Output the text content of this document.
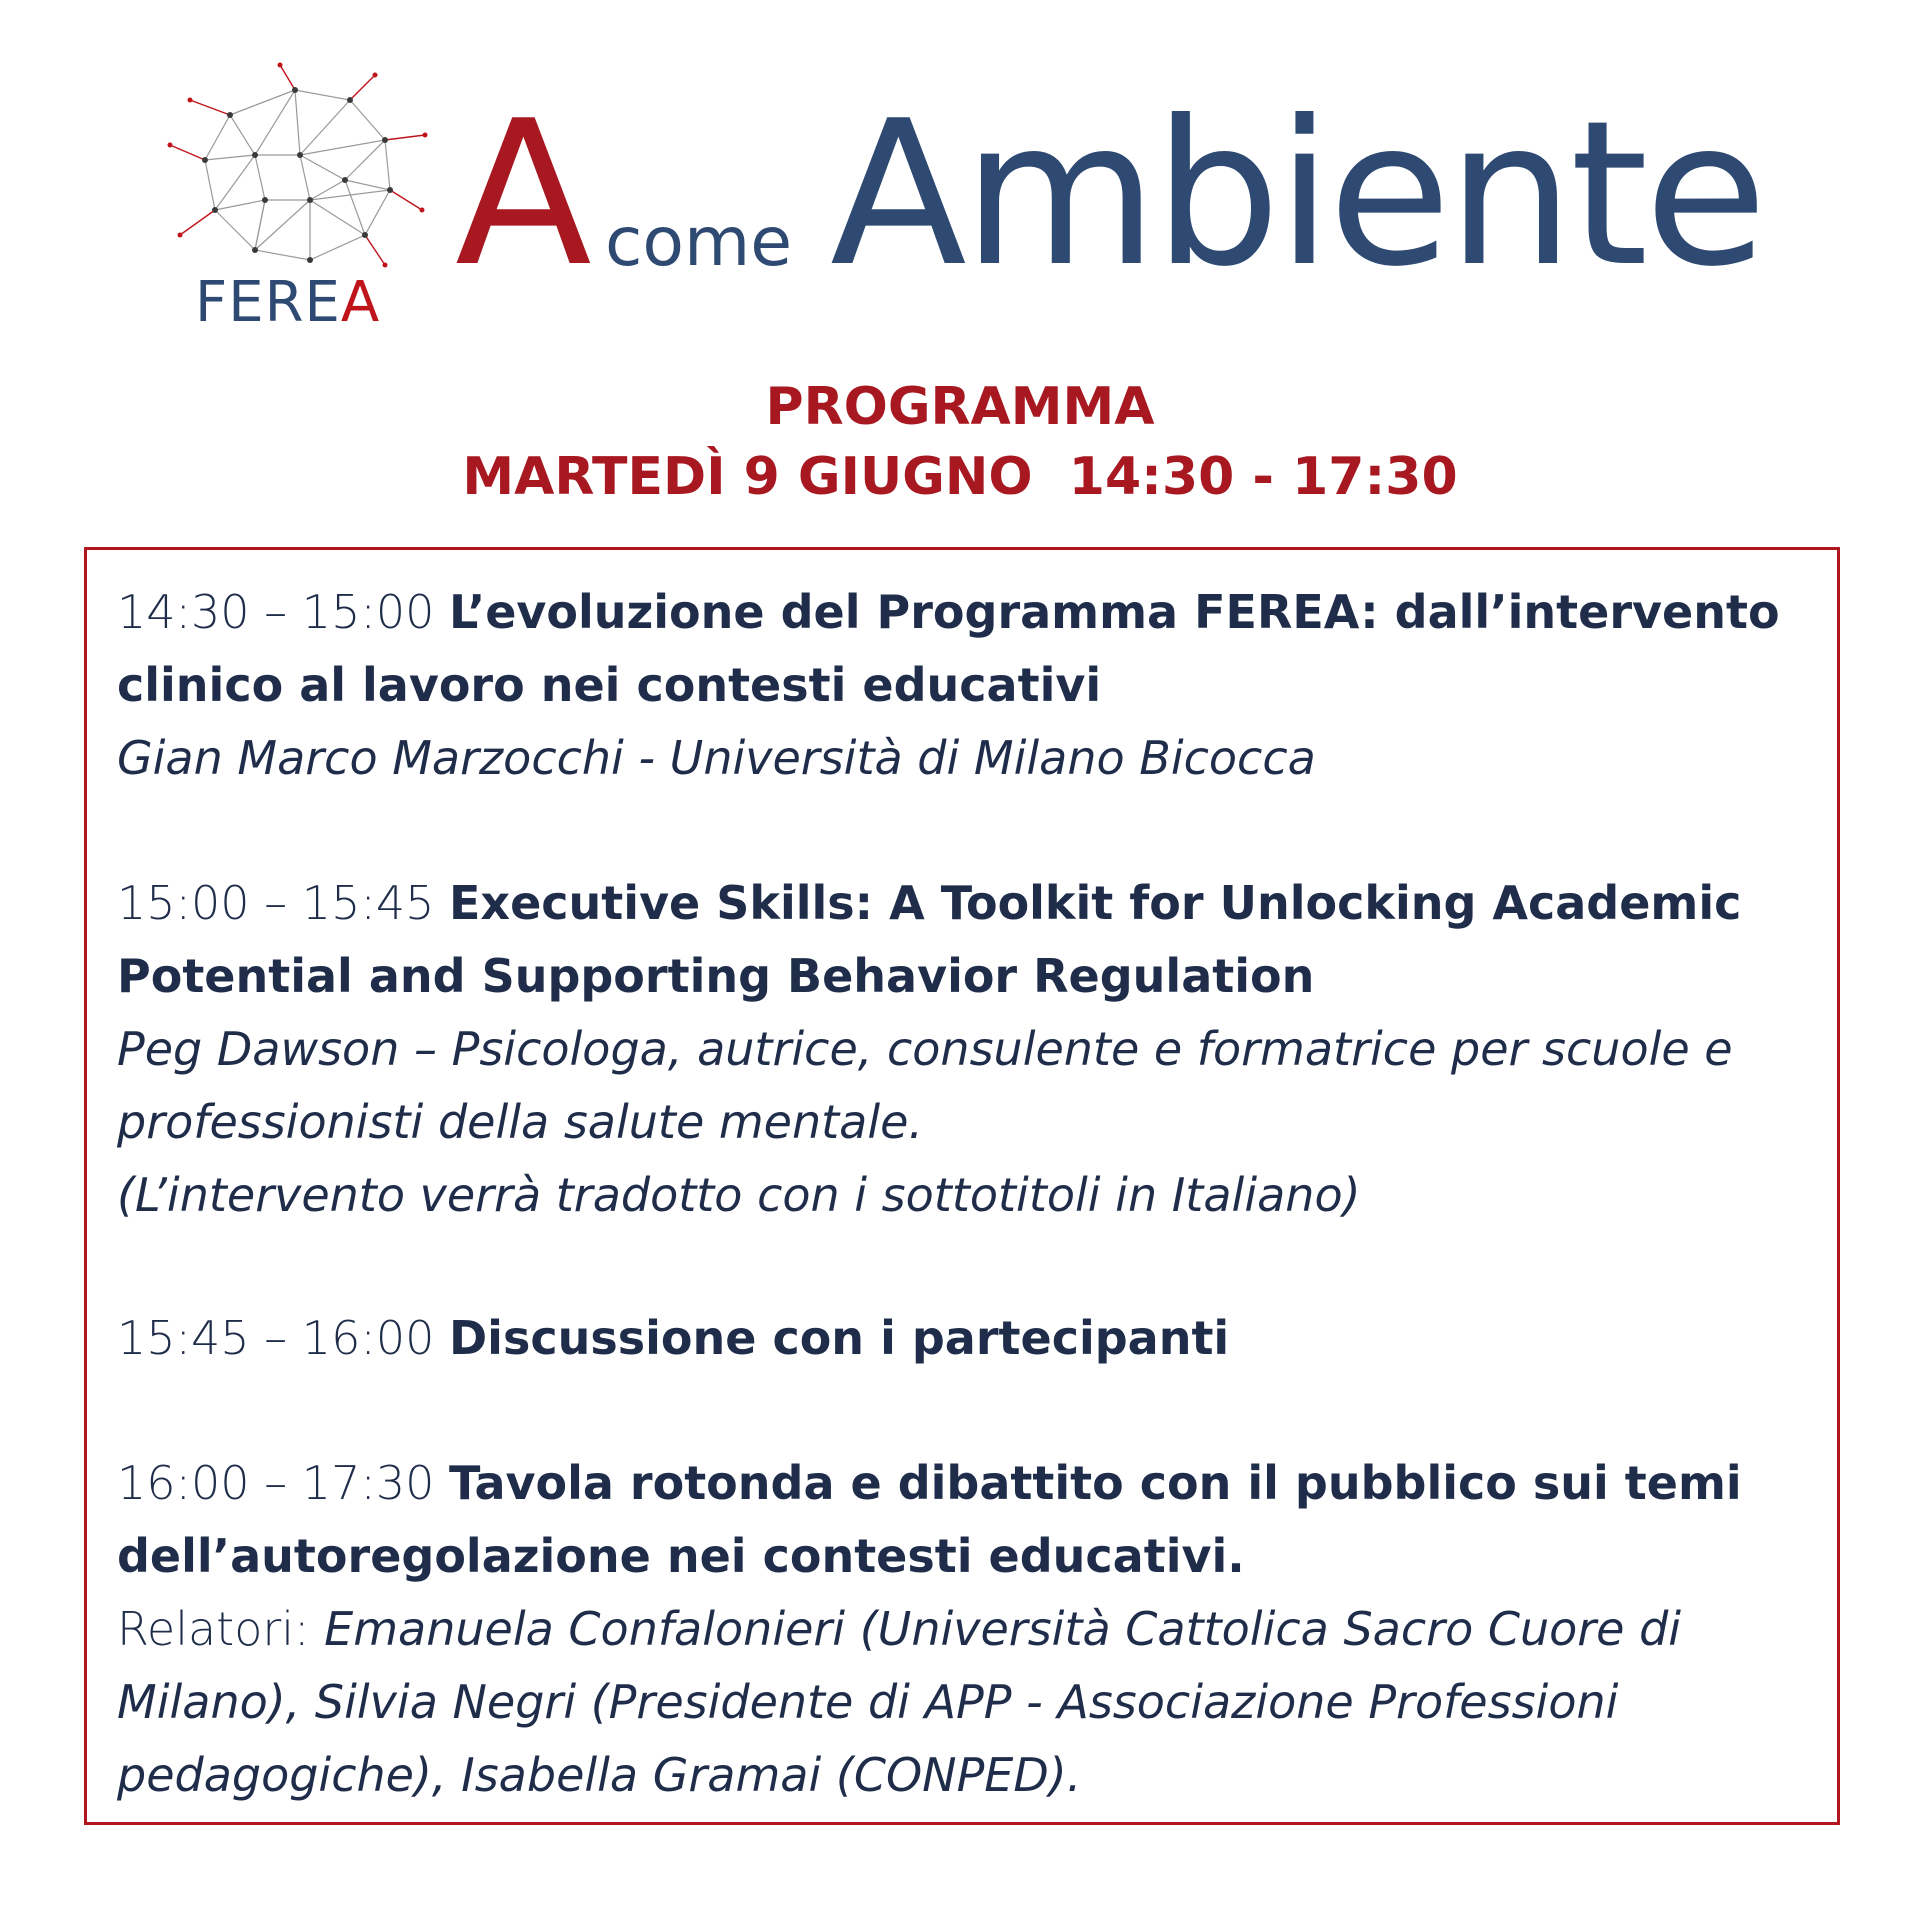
FEREA A come Ambiente
PROGRAMMA
MARTEDÌ 9 GIUGNO  14:30 - 17:30
14:30 – 15:00 L’evoluzione del Programma FEREA: dall’intervento clinico al lavoro nei contesti educativi
Gian Marco Marzocchi - Università di Milano Bicocca
15:00 – 15:45 Executive Skills: A Toolkit for Unlocking Academic Potential and Supporting Behavior Regulation
Peg Dawson – Psicologa, autrice, consulente e formatrice per scuole e professionisti della salute mentale.
(L’intervento verrà tradotto con i sottotitoli in Italiano)
15:45 – 16:00 Discussione con i partecipanti
16:00 – 17:30 Tavola rotonda e dibattito con il pubblico sui temi dell’autoregolazione nei contesti educativi.
Relatori: Emanuela Confalonieri (Università Cattolica Sacro Cuore di Milano), Silvia Negri (Presidente di APP - Associazione Professioni pedagogiche), Isabella Gramai (CONPED).
